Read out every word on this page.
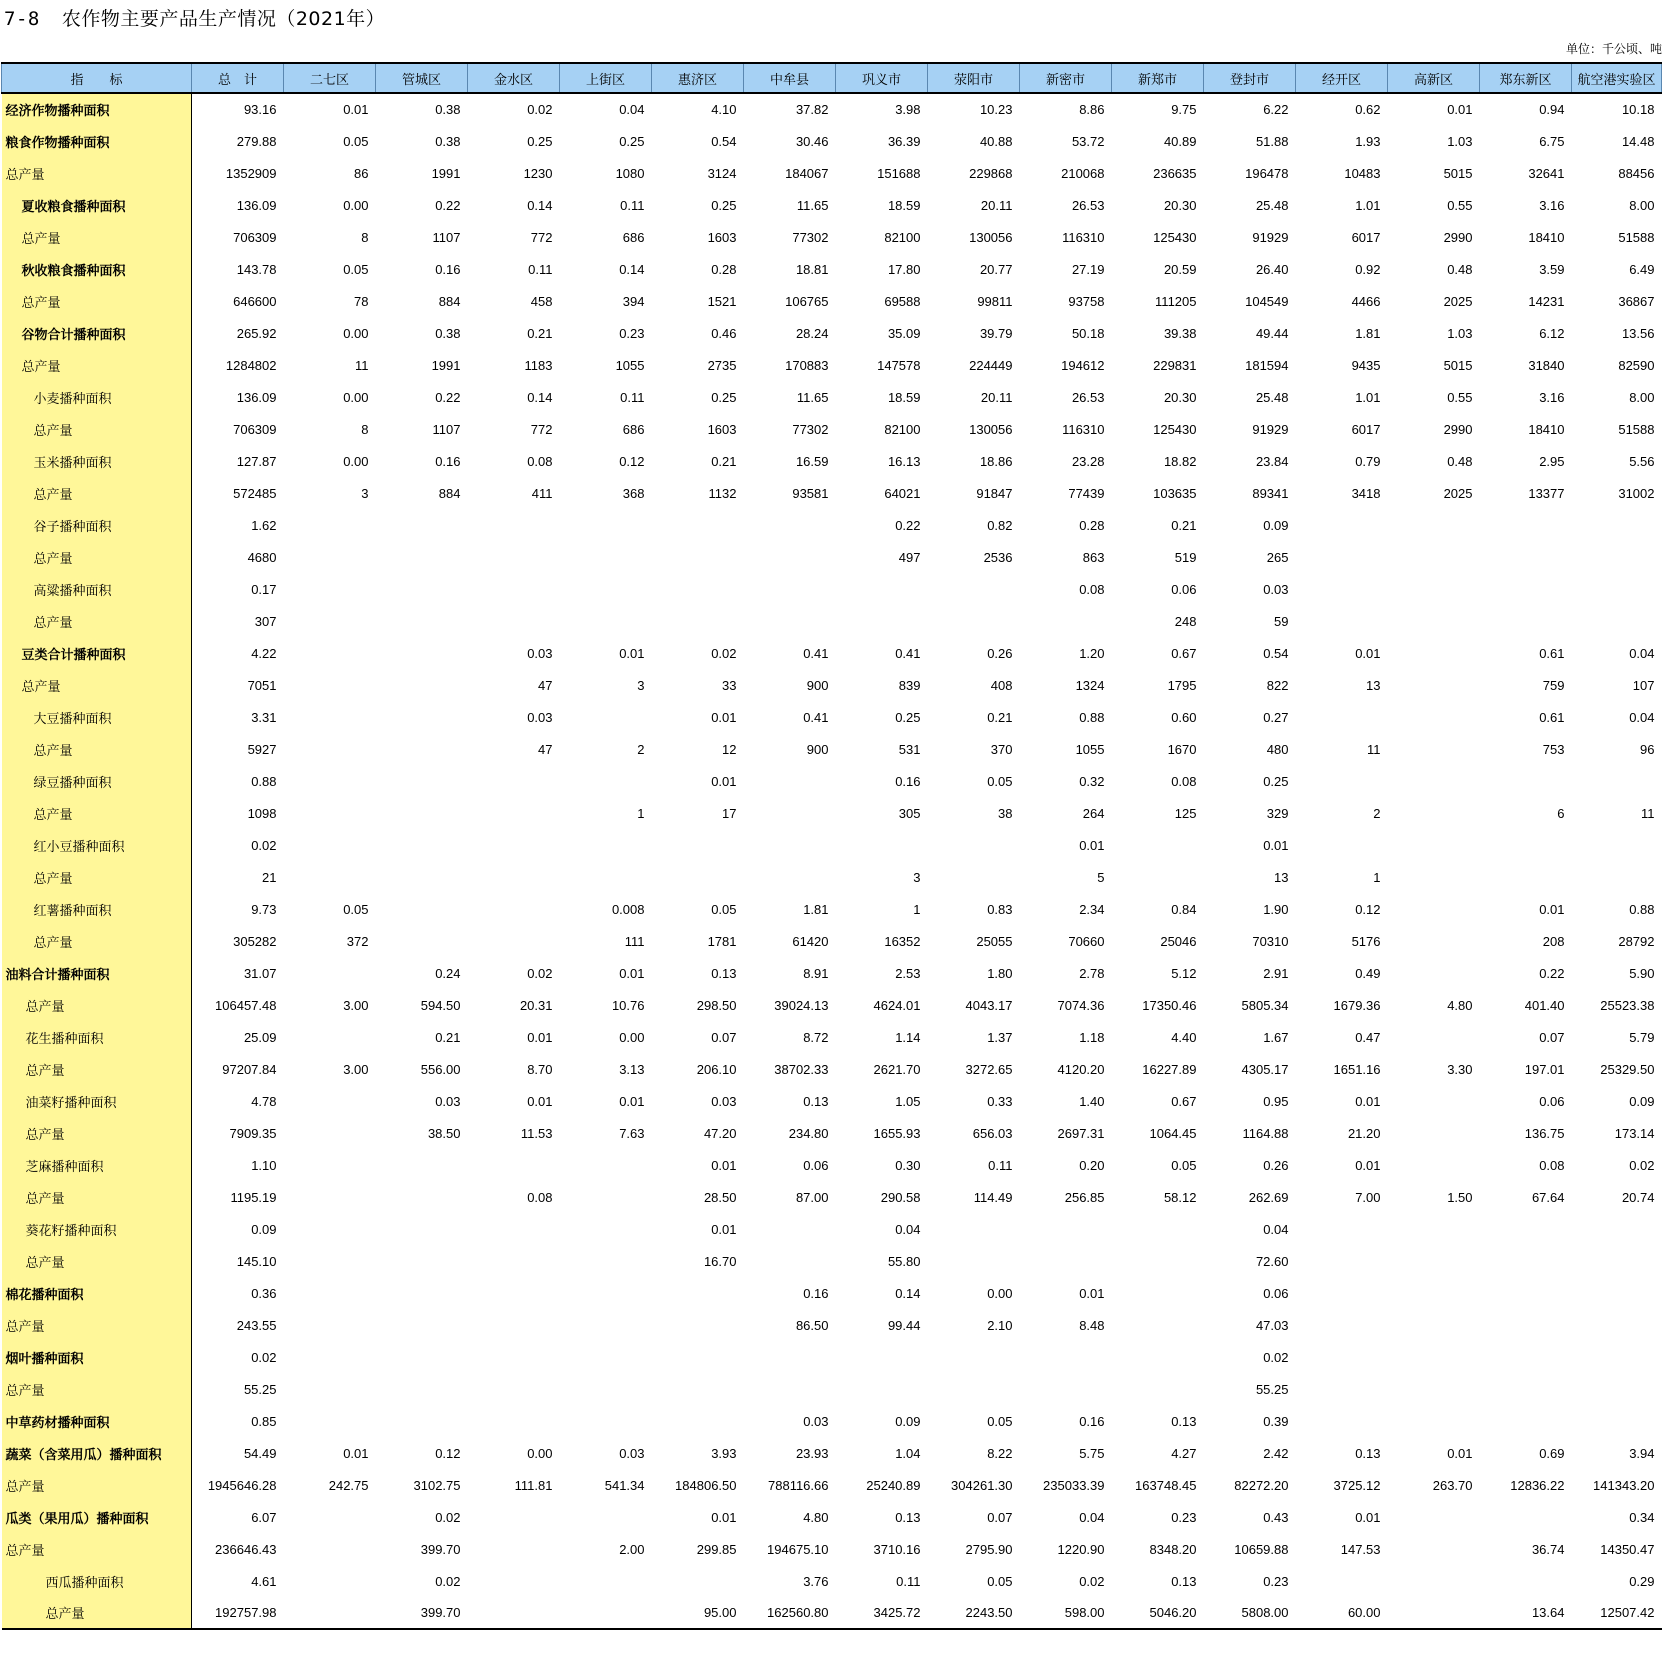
7-8 农作物主要产品生产情况（2021年）
单位：千公顷、吨
指　　标	总　计	二七区	管城区	金水区	上街区	惠济区	中牟县	巩义市	荥阳市	新密市	新郑市	登封市	经开区	高新区	郑东新区	航空港实验区
经济作物播种面积	93.16	0.01	0.38	0.02	0.04	4.10	37.82	3.98	10.23	8.86	9.75	6.22	0.62	0.01	0.94	10.18
粮食作物播种面积	279.88	0.05	0.38	0.25	0.25	0.54	30.46	36.39	40.88	53.72	40.89	51.88	1.93	1.03	6.75	14.48
总产量	1352909	86	1991	1230	1080	3124	184067	151688	229868	210068	236635	196478	10483	5015	32641	88456
夏收粮食播种面积	136.09	0.00	0.22	0.14	0.11	0.25	11.65	18.59	20.11	26.53	20.30	25.48	1.01	0.55	3.16	8.00
总产量	706309	8	1107	772	686	1603	77302	82100	130056	116310	125430	91929	6017	2990	18410	51588
秋收粮食播种面积	143.78	0.05	0.16	0.11	0.14	0.28	18.81	17.80	20.77	27.19	20.59	26.40	0.92	0.48	3.59	6.49
总产量	646600	78	884	458	394	1521	106765	69588	99811	93758	111205	104549	4466	2025	14231	36867
谷物合计播种面积	265.92	0.00	0.38	0.21	0.23	0.46	28.24	35.09	39.79	50.18	39.38	49.44	1.81	1.03	6.12	13.56
总产量	1284802	11	1991	1183	1055	2735	170883	147578	224449	194612	229831	181594	9435	5015	31840	82590
小麦播种面积	136.09	0.00	0.22	0.14	0.11	0.25	11.65	18.59	20.11	26.53	20.30	25.48	1.01	0.55	3.16	8.00
总产量	706309	8	1107	772	686	1603	77302	82100	130056	116310	125430	91929	6017	2990	18410	51588
玉米播种面积	127.87	0.00	0.16	0.08	0.12	0.21	16.59	16.13	18.86	23.28	18.82	23.84	0.79	0.48	2.95	5.56
总产量	572485	3	884	411	368	1132	93581	64021	91847	77439	103635	89341	3418	2025	13377	31002
谷子播种面积	1.62							0.22	0.82	0.28	0.21	0.09				
总产量	4680							497	2536	863	519	265				
高粱播种面积	0.17									0.08	0.06	0.03				
总产量	307										248	59				
豆类合计播种面积	4.22			0.03	0.01	0.02	0.41	0.41	0.26	1.20	0.67	0.54	0.01		0.61	0.04
总产量	7051			47	3	33	900	839	408	1324	1795	822	13		759	107
大豆播种面积	3.31			0.03		0.01	0.41	0.25	0.21	0.88	0.60	0.27			0.61	0.04
总产量	5927			47	2	12	900	531	370	1055	1670	480	11		753	96
绿豆播种面积	0.88					0.01		0.16	0.05	0.32	0.08	0.25				
总产量	1098				1	17		305	38	264	125	329	2		6	11
红小豆播种面积	0.02									0.01		0.01				
总产量	21							3		5		13	1			
红薯播种面积	9.73	0.05			0.008	0.05	1.81	1	0.83	2.34	0.84	1.90	0.12		0.01	0.88
总产量	305282	372			111	1781	61420	16352	25055	70660	25046	70310	5176		208	28792
油料合计播种面积	31.07		0.24	0.02	0.01	0.13	8.91	2.53	1.80	2.78	5.12	2.91	0.49		0.22	5.90
总产量	106457.48	3.00	594.50	20.31	10.76	298.50	39024.13	4624.01	4043.17	7074.36	17350.46	5805.34	1679.36	4.80	401.40	25523.38
花生播种面积	25.09		0.21	0.01	0.00	0.07	8.72	1.14	1.37	1.18	4.40	1.67	0.47		0.07	5.79
总产量	97207.84	3.00	556.00	8.70	3.13	206.10	38702.33	2621.70	3272.65	4120.20	16227.89	4305.17	1651.16	3.30	197.01	25329.50
油菜籽播种面积	4.78		0.03	0.01	0.01	0.03	0.13	1.05	0.33	1.40	0.67	0.95	0.01		0.06	0.09
总产量	7909.35		38.50	11.53	7.63	47.20	234.80	1655.93	656.03	2697.31	1064.45	1164.88	21.20		136.75	173.14
芝麻播种面积	1.10					0.01	0.06	0.30	0.11	0.20	0.05	0.26	0.01		0.08	0.02
总产量	1195.19			0.08		28.50	87.00	290.58	114.49	256.85	58.12	262.69	7.00	1.50	67.64	20.74
葵花籽播种面积	0.09					0.01		0.04				0.04				
总产量	145.10					16.70		55.80				72.60				
棉花播种面积	0.36						0.16	0.14	0.00	0.01		0.06				
总产量	243.55						86.50	99.44	2.10	8.48		47.03				
烟叶播种面积	0.02											0.02				
总产量	55.25											55.25				
中草药材播种面积	0.85						0.03	0.09	0.05	0.16	0.13	0.39				
蔬菜（含菜用瓜）播种面积	54.49	0.01	0.12	0.00	0.03	3.93	23.93	1.04	8.22	5.75	4.27	2.42	0.13	0.01	0.69	3.94
总产量	1945646.28	242.75	3102.75	111.81	541.34	184806.50	788116.66	25240.89	304261.30	235033.39	163748.45	82272.20	3725.12	263.70	12836.22	141343.20
瓜类（果用瓜）播种面积	6.07		0.02			0.01	4.80	0.13	0.07	0.04	0.23	0.43	0.01			0.34
总产量	236646.43		399.70		2.00	299.85	194675.10	3710.16	2795.90	1220.90	8348.20	10659.88	147.53		36.74	14350.47
西瓜播种面积	4.61		0.02				3.76	0.11	0.05	0.02	0.13	0.23				0.29
总产量	192757.98		399.70			95.00	162560.80	3425.72	2243.50	598.00	5046.20	5808.00	60.00		13.64	12507.42
